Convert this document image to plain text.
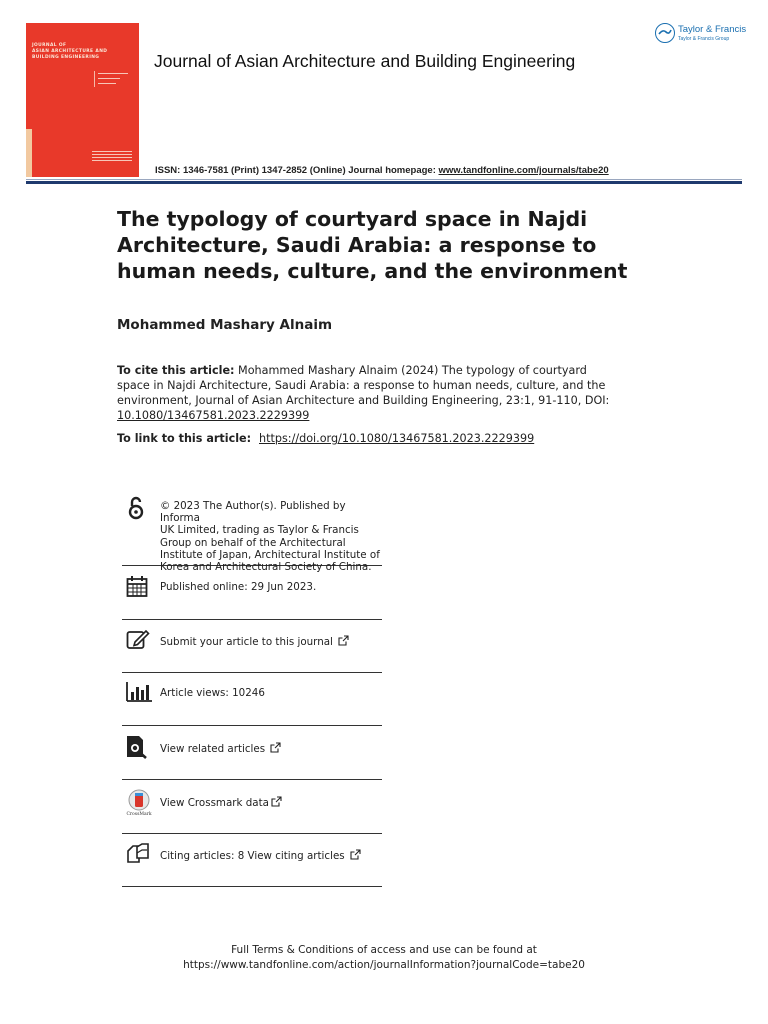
JOURNAL OF
ASIAN ARCHITECTURE AND
BUILDING ENGINEERING	Journal of Asian Architecture and Building Engineering
Taylor & Francis
Taylor & Francis Group
ISSN: 1346-7581 (Print) 1347-2852 (Online) Journal homepage: www.tandfonline.com/journals/tabe20
The typology of courtyard space in Najdi Architecture, Saudi Arabia: a response to human needs, culture, and the environment
Mohammed Mashary Alnaim
To cite this article: Mohammed Mashary Alnaim (2024) The typology of courtyard space in Najdi Architecture, Saudi Arabia: a response to human needs, culture, and the environment, Journal of Asian Architecture and Building Engineering, 23:1, 91-110, DOI: 10.1080/13467581.2023.2229399
To link to this article: https://doi.org/10.1080/13467581.2023.2229399
© 2023 The Author(s). Published by Informa
UK Limited, trading as Taylor & Francis
Group on behalf of the Architectural
Institute of Japan, Architectural Institute of
Korea and Architectural Society of China.
Published online: 29 Jun 2023.
Submit your article to this journal
Article views: 10246
View related articles
CrossMark
View Crossmark data
Citing articles: 8 View citing articles
Full Terms & Conditions of access and use can be found at
https://www.tandfonline.com/action/journalInformation?journalCode=tabe20
